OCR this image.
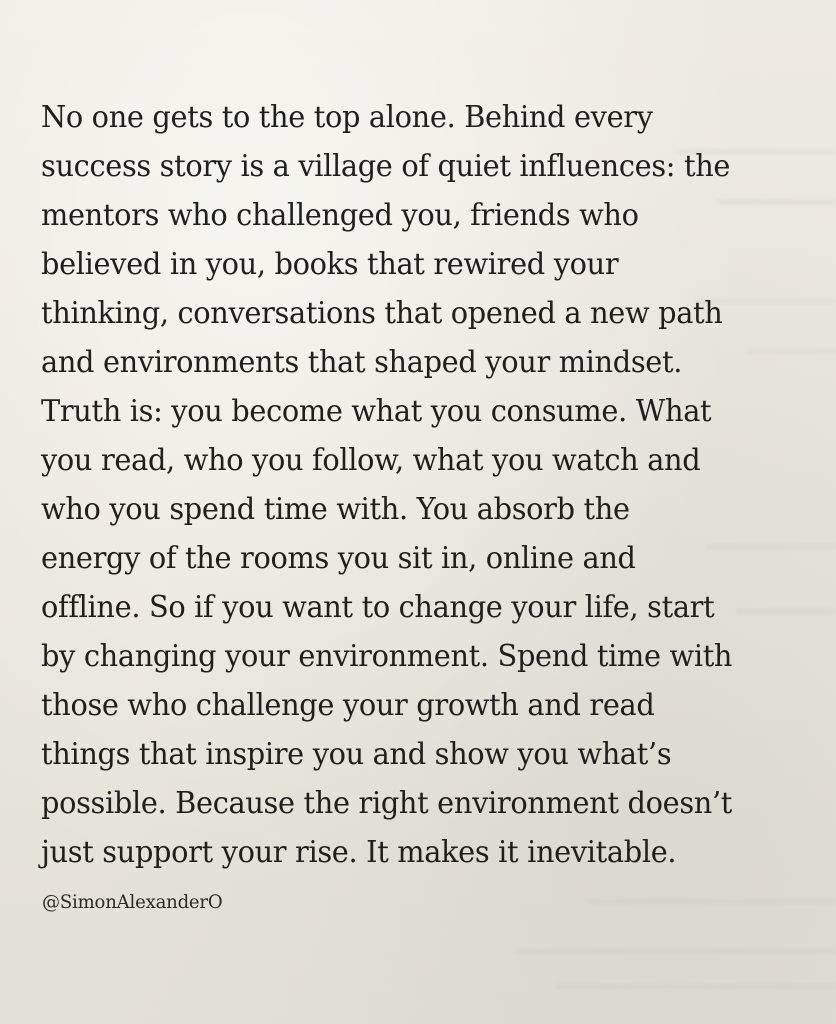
No one gets to the top alone. Behind every
success story is a village of quiet influences: the
mentors who challenged you, friends who
believed in you, books that rewired your
thinking, conversations that opened a new path
and environments that shaped your mindset.
Truth is: you become what you consume. What
you read, who you follow, what you watch and
who you spend time with. You absorb the
energy of the rooms you sit in, online and
offline. So if you want to change your life, start
by changing your environment. Spend time with
those who challenge your growth and read
things that inspire you and show you what’s
possible. Because the right environment doesn’t
just support your rise. It makes it inevitable.
@SimonAlexanderO
